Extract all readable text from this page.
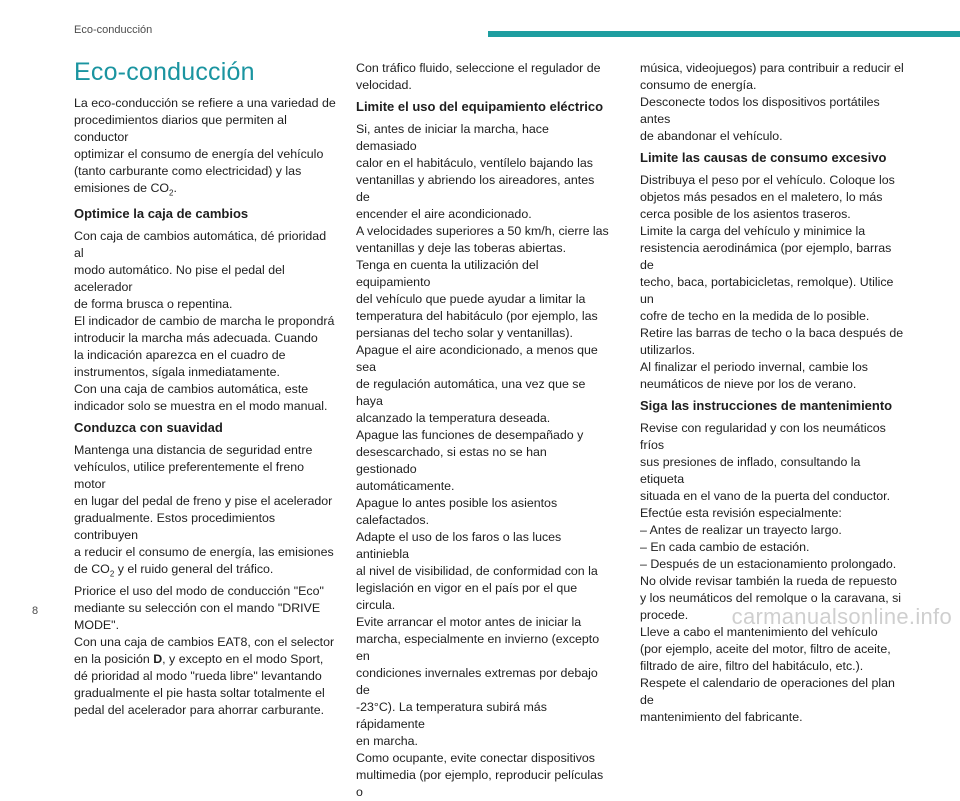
Eco-conducción
Eco-conducción

La eco-conducción se refiere a una variedad de
procedimientos diarios que permiten al conductor
optimizar el consumo de energía del vehículo
(tanto carburante como electricidad) y las
emisiones de $CO_2$.

Optimice la caja de cambios

Con caja de cambios automática, dé prioridad al
modo automático. No pise el pedal del acelerador
de forma brusca o repentina.
El indicador de cambio de marcha le propondrá
introducir la marcha más adecuada. Cuando
la indicación aparezca en el cuadro de
instrumentos, sígala inmediatamente.
Con una caja de cambios automática, este
indicador solo se muestra en el modo manual.

Conduzca con suavidad

Mantenga una distancia de seguridad entre
vehículos, utilice preferentemente el freno motor
en lugar del pedal de freno y pise el acelerador
gradualmente. Estos procedimientos contribuyen
a reducir el consumo de energía, las emisiones
de $CO_2$ y el ruido general del tráfico.
Priorice el uso del modo de conducción "Eco"
mediante su selección con el mando "DRIVE
MODE".
Con una caja de cambios EAT8, con el selector
en la posición D, y excepto en el modo Sport,
dé prioridad al modo "rueda libre" levantando
gradualmente el pie hasta soltar totalmente el
pedal del acelerador para ahorrar carburante.

Con tráfico fluido, seleccione el regulador de
velocidad.

Limite el uso del equipamiento eléctrico

Si, antes de iniciar la marcha, hace demasiado
calor en el habitáculo, ventílelo bajando las
ventanillas y abriendo los aireadores, antes de
encender el aire acondicionado.
A velocidades superiores a 50 km/h, cierre las
ventanillas y deje las toberas abiertas.
Tenga en cuenta la utilización del equipamiento
del vehículo que puede ayudar a limitar la
temperatura del habitáculo (por ejemplo, las
persianas del techo solar y ventanillas).
Apague el aire acondicionado, a menos que sea
de regulación automática, una vez que se haya
alcanzado la temperatura deseada.
Apague las funciones de desempañado y
desescarchado, si estas no se han gestionado
automáticamente.
Apague lo antes posible los asientos
calefactados.
Adapte el uso de los faros o las luces antiniebla
al nivel de visibilidad, de conformidad con la
legislación en vigor en el país por el que circula.
Evite arrancar el motor antes de iniciar la
marcha, especialmente en invierno (excepto en
condiciones invernales extremas por debajo de
-23°C). La temperatura subirá más rápidamente
en marcha.
Como ocupante, evite conectar dispositivos
multimedia (por ejemplo, reproducir películas o

música, videojuegos) para contribuir a reducir el
consumo de energía.
Desconecte todos los dispositivos portátiles antes
de abandonar el vehículo.

Limite las causas de consumo excesivo

Distribuya el peso por el vehículo. Coloque los
objetos más pesados en el maletero, lo más
cerca posible de los asientos traseros.
Limite la carga del vehículo y minimice la
resistencia aerodinámica (por ejemplo, barras de
techo, baca, portabicicletas, remolque). Utilice un
cofre de techo en la medida de lo posible.
Retire las barras de techo o la baca después de
utilizarlos.
Al finalizar el periodo invernal, cambie los
neumáticos de nieve por los de verano.

Siga las instrucciones de mantenimiento

Revise con regularidad y con los neumáticos fríos
sus presiones de inflado, consultando la etiqueta
situada en el vano de la puerta del conductor.
Efectúe esta revisión especialmente:
– Antes de realizar un trayecto largo.
– En cada cambio de estación.
– Después de un estacionamiento prolongado.
No olvide revisar también la rueda de repuesto
y los neumáticos del remolque o la caravana, si
procede.
Lleve a cabo el mantenimiento del vehículo
(por ejemplo, aceite del motor, filtro de aceite,
filtrado de aire, filtro del habitáculo, etc.).
Respete el calendario de operaciones del plan de
mantenimiento del fabricante.

8	carmanualsonline.info
